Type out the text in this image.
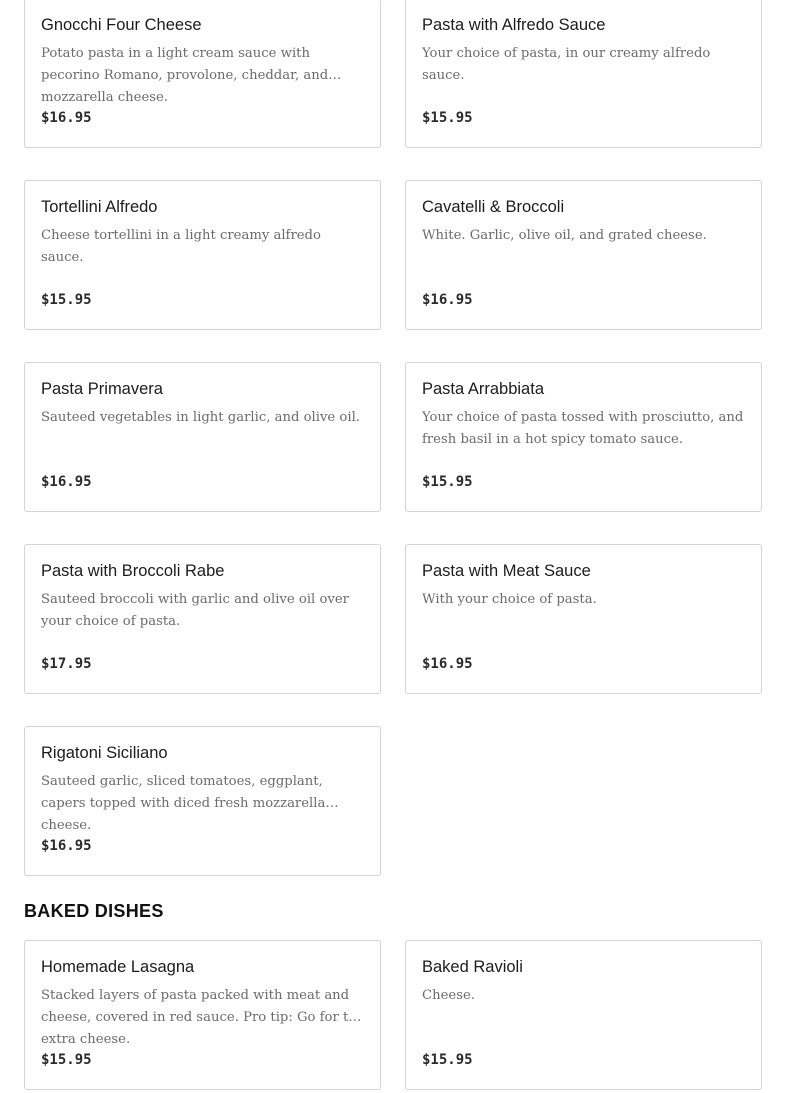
Gnocchi Four Cheese
Potato pasta in a light cream sauce with pecorino Romano, provolone, cheddar, and mozzarella cheese.
$16.95
Pasta with Alfredo Sauce
Your choice of pasta, in our creamy alfredo sauce.
$15.95
Tortellini Alfredo
Cheese tortellini in a light creamy alfredo sauce.
$15.95
Cavatelli & Broccoli
White. Garlic, olive oil, and grated cheese.
$16.95
Pasta Primavera
Sauteed vegetables in light garlic, and olive oil.
$16.95
Pasta Arrabbiata
Your choice of pasta tossed with prosciutto, and fresh basil in a hot spicy tomato sauce.
$15.95
Pasta with Broccoli Rabe
Sauteed broccoli with garlic and olive oil over your choice of pasta.
$17.95
Pasta with Meat Sauce
With your choice of pasta.
$16.95
Rigatoni Siciliano
Sauteed garlic, sliced tomatoes, eggplant, capers topped with diced fresh mozzarella cheese.
$16.95
BAKED DISHES
Homemade Lasagna
Stacked layers of pasta packed with meat and cheese, covered in red sauce. Pro tip: Go for the extra cheese.
$15.95
Baked Ravioli
Cheese.
$15.95
